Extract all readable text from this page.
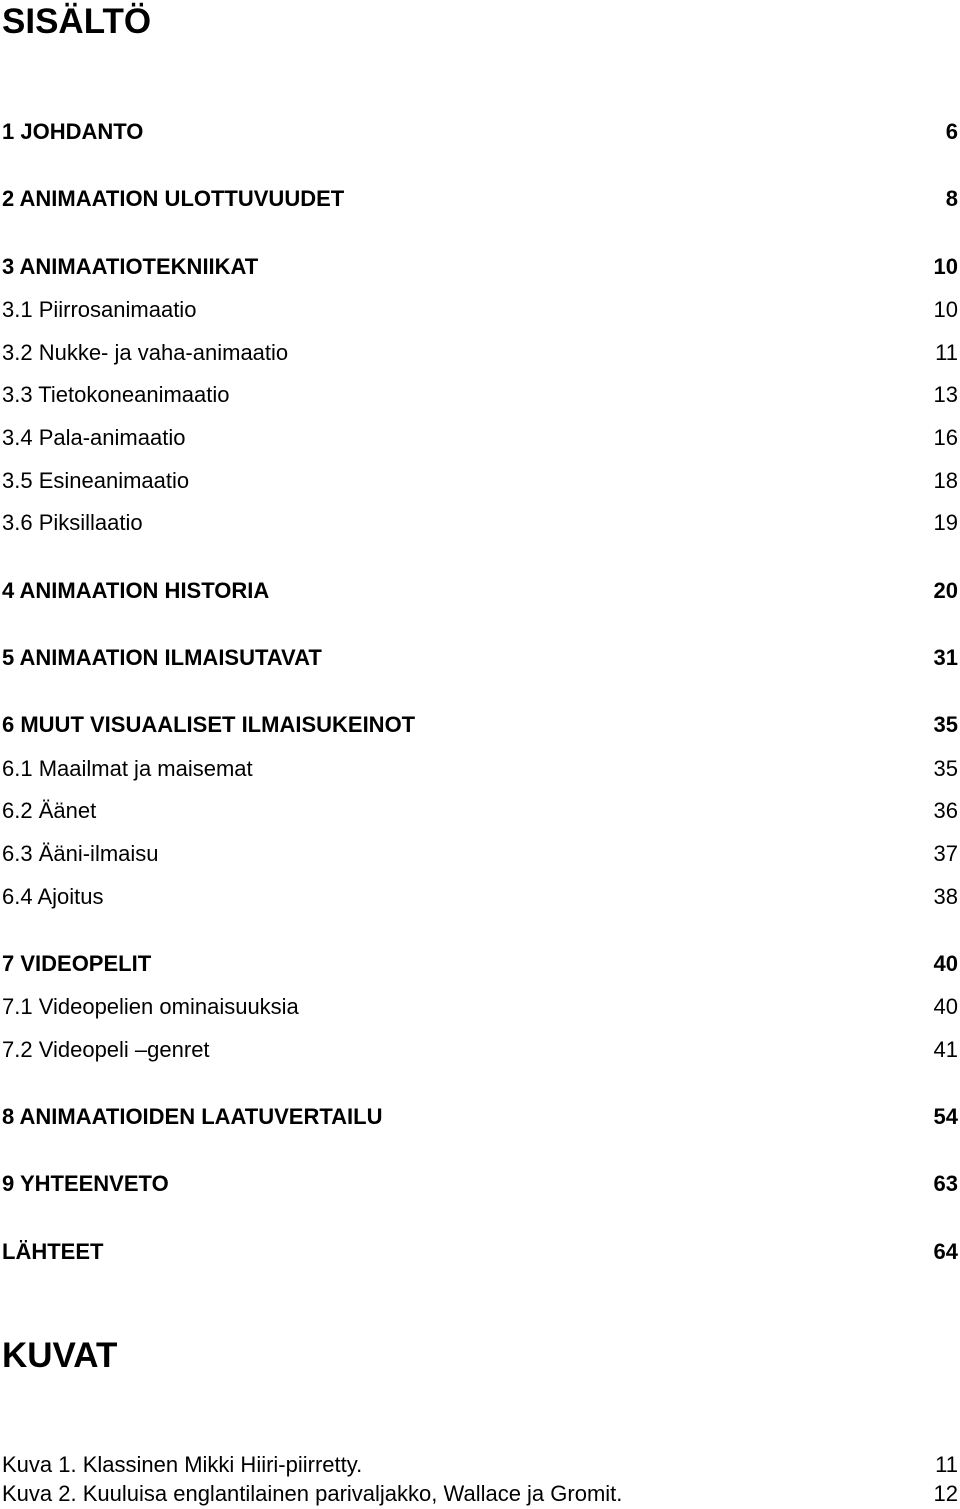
SISÄLTÖ
1 JOHDANTO	6
2 ANIMAATION ULOTTUVUUDET	8
3 ANIMAATIOTEKNIIKAT	10
3.1 Piirrosanimaatio	10
3.2 Nukke- ja vaha-animaatio	11
3.3 Tietokoneanimaatio	13
3.4 Pala-animaatio	16
3.5 Esineanimaatio	18
3.6 Piksillaatio	19
4 ANIMAATION HISTORIA	20
5 ANIMAATION ILMAISUTAVAT	31
6 MUUT VISUAALISET ILMAISUKEINOT	35
6.1 Maailmat ja maisemat	35
6.2 Äänet	36
6.3 Ääni-ilmaisu	37
6.4 Ajoitus	38
7 VIDEOPELIT	40
7.1 Videopelien ominaisuuksia	40
7.2 Videopeli –genret	41
8 ANIMAATIOIDEN LAATUVERTAILU	54
9 YHTEENVETO	63
LÄHTEET	64
KUVAT
Kuva 1. Klassinen Mikki Hiiri-piirretty.	11
Kuva 2. Kuuluisa englantilainen parivaljakko, Wallace ja Gromit.	12
